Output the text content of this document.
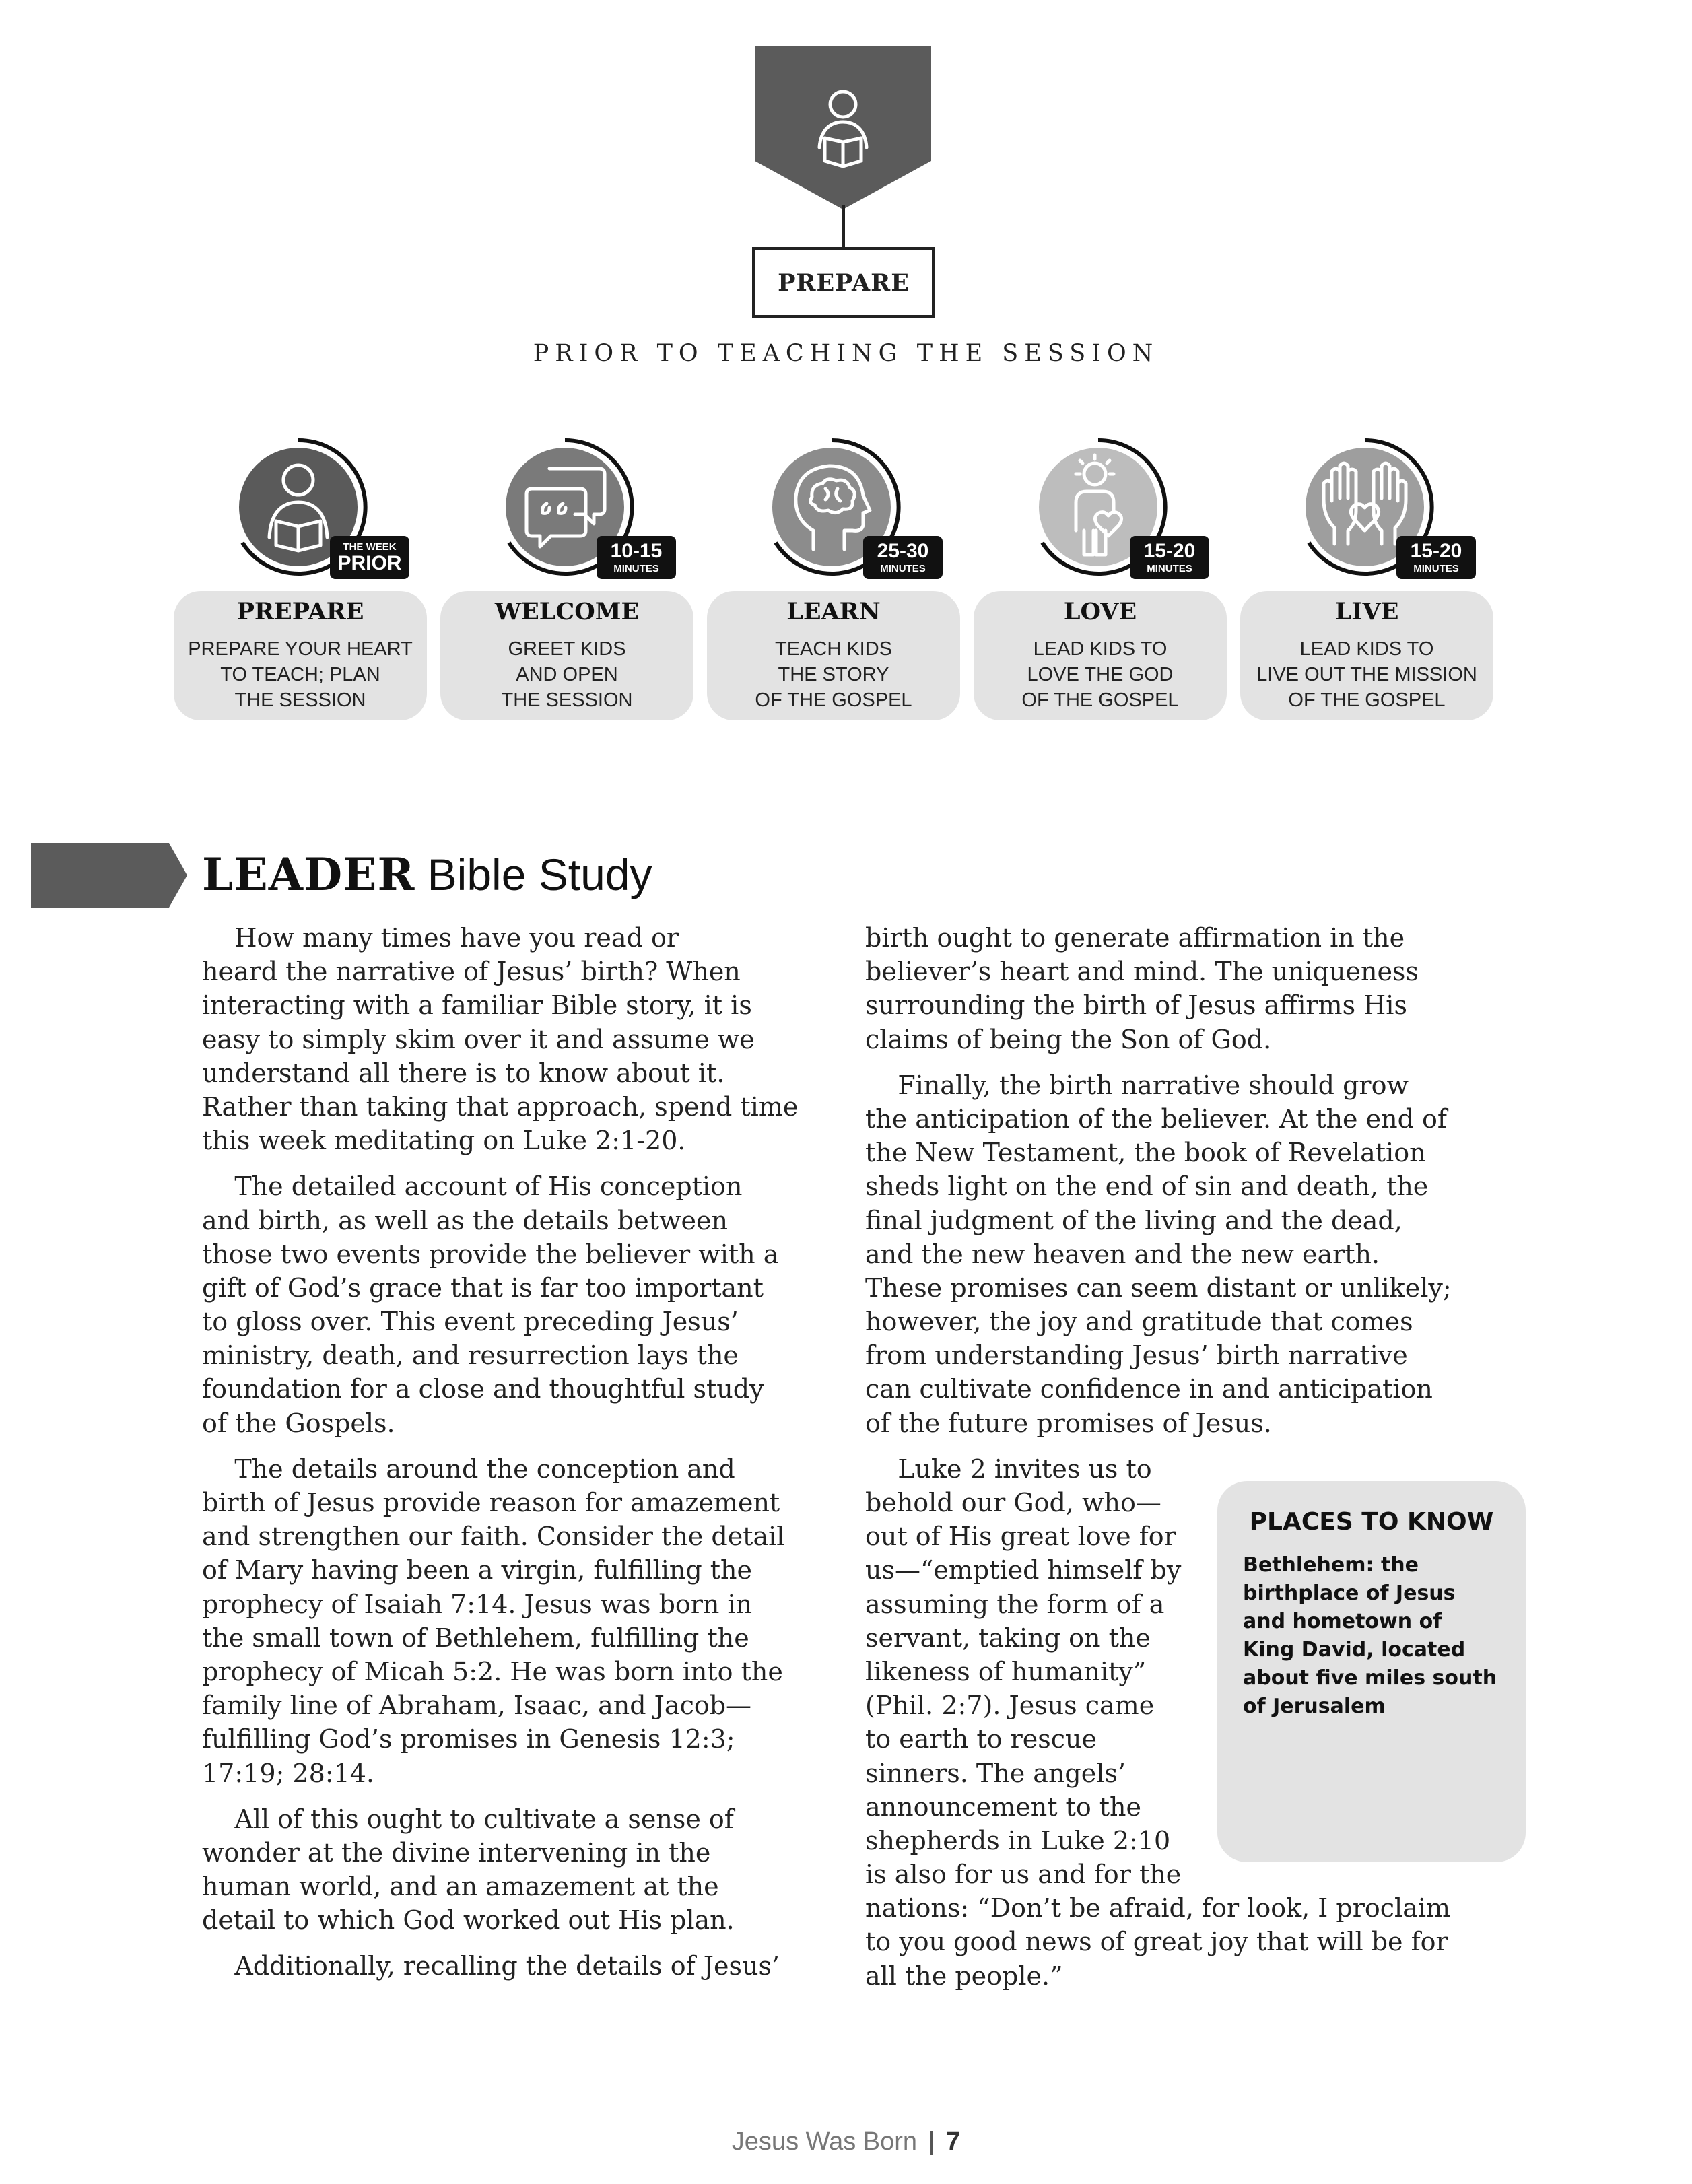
PREPARE
PRIOR TO TEACHING THE SESSION
THE WEEK
PRIOR
PREPARE
PREPARE YOUR HEART
TO TEACH; PLAN
THE SESSION
10-15
MINUTES
WELCOME
GREET KIDS
AND OPEN
THE SESSION
25-30
MINUTES
LEARN
TEACH KIDS
THE STORY
OF THE GOSPEL
15-20
MINUTES
LOVE
LEAD KIDS TO
LOVE THE GOD
OF THE GOSPEL
15-20
MINUTES
LIVE
LEAD KIDS TO
LIVE OUT THE MISSION
OF THE GOSPEL
LEADER Bible Study
How many times have you read or
heard the narrative of Jesus’ birth? When
interacting with a familiar Bible story, it is
easy to simply skim over it and assume we
understand all there is to know about it.
Rather than taking that approach, spend time
this week meditating on Luke 2:1-20.
The detailed account of His conception
and birth, as well as the details between
those two events provide the believer with a
gift of God’s grace that is far too important
to gloss over. This event preceding Jesus’
ministry, death, and resurrection lays the
foundation for a close and thoughtful study
of the Gospels.
The details around the conception and
birth of Jesus provide reason for amazement
and strengthen our faith. Consider the detail
of Mary having been a virgin, fulfilling the
prophecy of Isaiah 7:14. Jesus was born in
the small town of Bethlehem, fulfilling the
prophecy of Micah 5:2. He was born into the
family line of Abraham, Isaac, and Jacob—
fulfilling God’s promises in Genesis 12:3;
17:19; 28:14.
All of this ought to cultivate a sense of
wonder at the divine intervening in the
human world, and an amazement at the
detail to which God worked out His plan.
Additionally, recalling the details of Jesus’
birth ought to generate affirmation in the
believer’s heart and mind. The uniqueness
surrounding the birth of Jesus affirms His
claims of being the Son of God.
Finally, the birth narrative should grow
the anticipation of the believer. At the end of
the New Testament, the book of Revelation
sheds light on the end of sin and death, the
final judgment of the living and the dead,
and the new heaven and the new earth.
These promises can seem distant or unlikely;
however, the joy and gratitude that comes
from understanding Jesus’ birth narrative
can cultivate confidence in and anticipation
of the future promises of Jesus.
Luke 2 invites us to
behold our God, who—
out of His great love for
us—“emptied himself by
assuming the form of a
servant, taking on the
likeness of humanity”
(Phil. 2:7). Jesus came
to earth to rescue
sinners. The angels’
announcement to the
shepherds in Luke 2:10
is also for us and for the
nations: “Don’t be afraid, for look, I proclaim
to you good news of great joy that will be for
all the people.”
PLACES TO KNOW
Bethlehem: the birthplace of Jesus and hometown of King David, located about five miles south of Jerusalem
Jesus Was Born | 7
